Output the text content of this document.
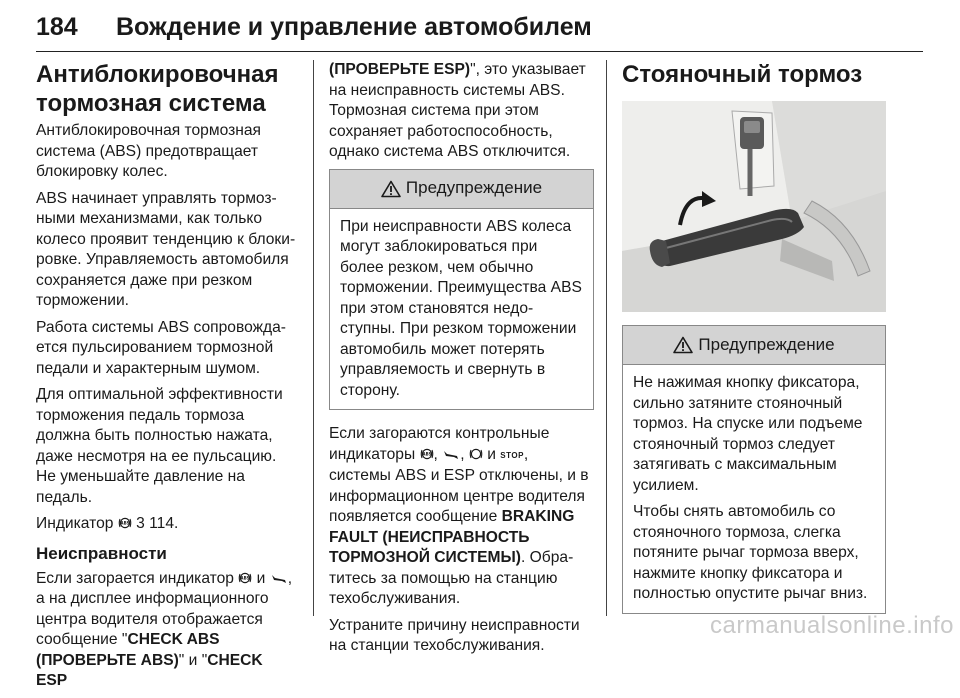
184 Вождение и управление автомобилем
Антиблокировочная тормозная система

Антиблокировочная тормозная система (ABS) предотвращает блокировку колес.

ABS начинает управлять тормоз-ными механизмами, как только колесо проявит тенденцию к блоки-ровке. Управляемость автомобиля сохраняется даже при резком торможении.

Работа системы ABS сопровожда-ется пульсированием тормозной педали и характерным шумом.

Для оптимальной эффективности торможения педаль тормоза должна быть полностью нажата, даже несмотря на ее пульсацию. Не уменьшайте давление на педаль.

Индикатор ABS 3 114.

Неисправности

Если загорается индикатор ABS и , а на дисплее информационного центра водителя отображается сообщение "CHECK ABS (ПРОВЕРЬТЕ ABS)" и "CHECK ESP

(ПРОВЕРЬТЕ ESP)", это указывает на неисправность системы ABS. Тормозная система при этом сохраняет работоспособность, однако система ABS отключится.

Предупреждение
При неисправности ABS колеса могут заблокироваться при более резком, чем обычно торможении. Преимущества ABS при этом становятся недо-ступны. При резком торможении автомобиль может потерять управляемость и свернуть в сторону.

Если загораются контрольные индикаторы ABS , , и STOP, системы ABS и ESP отключены, и в информационном центре водителя появляется сообщение BRAKING FAULT (НЕИСПРАВНОСТЬ ТОРМОЗНОЙ СИСТЕМЫ). Обра-титесь за помощью на станцию техобслуживания.

Устраните причину неисправности на станции техобслуживания.

Стояночный тормоз
Предупреждение

Не нажимая кнопку фиксатора, сильно затяните стояночный тормоз. На спуске или подъеме стояночный тормоз следует затягивать с максимальным усилием.

Чтобы снять автомобиль со стояночного тормоза, слегка потяните рычаг тормоза вверх, нажмите кнопку фиксатора и полностью опустите рычаг вниз.

carmanualsonline.info
